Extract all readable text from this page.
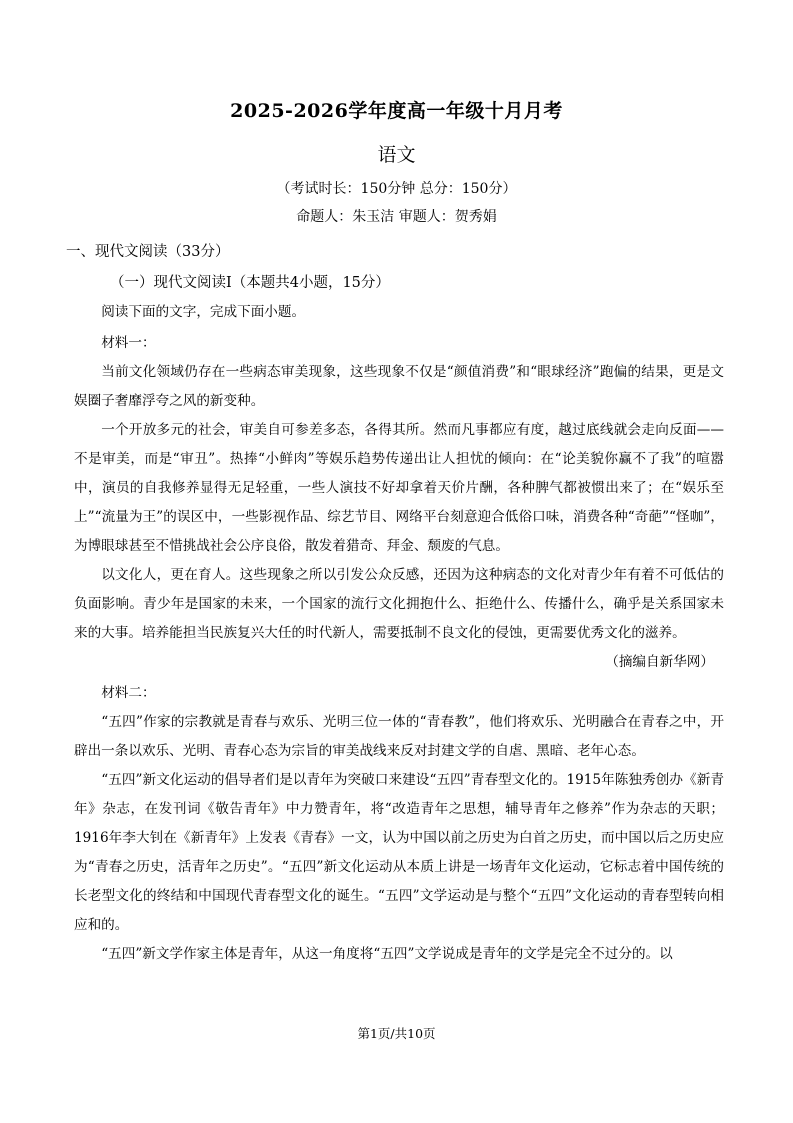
2025-2026学年度高一年级十月月考
语文
（考试时长：150分钟 总分：150分）
命题人：朱玉洁 审题人：贺秀娟
一、现代文阅读（33分）
（一）现代文阅读Ⅰ（本题共4小题，15分）

阅读下面的文字，完成下面小题。

材料一：

当前文化领域仍存在一些病态审美现象，这些现象不仅是“颜值消费”和“眼球经济”跑偏的结果，更是文娱圈子奢靡浮夸之风的新变种。

一个开放多元的社会，审美自可参差多态，各得其所。然而凡事都应有度，越过底线就会走向反面——不是审美，而是“审丑”。热捧“小鲜肉”等娱乐趋势传递出让人担忧的倾向：在“论美貌你赢不了我”的喧嚣中，演员的自我修养显得无足轻重，一些人演技不好却拿着天价片酬，各种脾气都被惯出来了；在“娱乐至上”“流量为王”的误区中，一些影视作品、综艺节目、网络平台刻意迎合低俗口味，消费各种“奇葩”“怪咖”，为博眼球甚至不惜挑战社会公序良俗，散发着猎奇、拜金、颓废的气息。

以文化人，更在育人。这些现象之所以引发公众反感，还因为这种病态的文化对青少年有着不可低估的负面影响。青少年是国家的未来，一个国家的流行文化拥抱什么、拒绝什么、传播什么，确乎是关系国家未来的大事。培养能担当民族复兴大任的时代新人，需要抵制不良文化的侵蚀，更需要优秀文化的滋养。

（摘编自新华网）

材料二：

“五四”作家的宗教就是青春与欢乐、光明三位一体的“青春教”，他们将欢乐、光明融合在青春之中，开辟出一条以欢乐、光明、青春心态为宗旨的审美战线来反对封建文学的自虐、黑暗、老年心态。

“五四”新文化运动的倡导者们是以青年为突破口来建设“五四”青春型文化的。1915年陈独秀创办《新青年》杂志，在发刊词《敬告青年》中力赞青年，将“改造青年之思想，辅导青年之修养”作为杂志的天职；1916年李大钊在《新青年》上发表《青春》一文，认为中国以前之历史为白首之历史，而中国以后之历史应为“青春之历史，活青年之历史”。“五四”新文化运动从本质上讲是一场青年文化运动，它标志着中国传统的长老型文化的终结和中国现代青春型文化的诞生。“五四”文学运动是与整个“五四”文化运动的青春型转向相应和的。

“五四”新文学作家主体是青年，从这一角度将“五四”文学说成是青年的文学是完全不过分的。以

第1页/共10页
